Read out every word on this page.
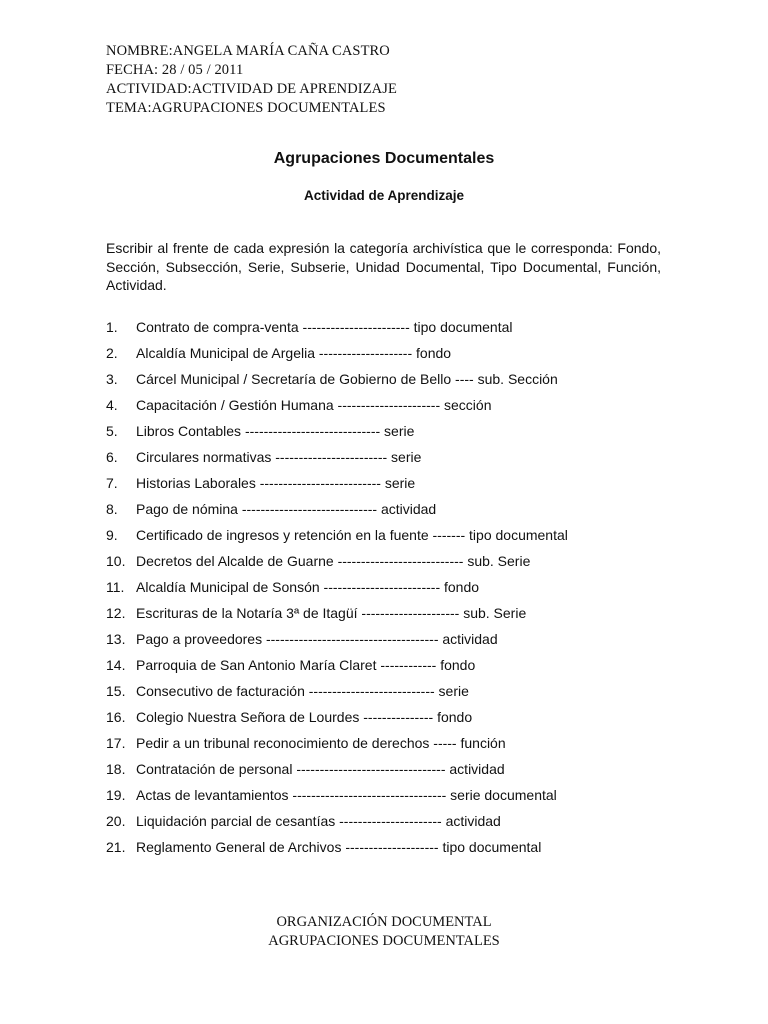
NOMBRE:ANGELA MARÍA CAÑA CASTRO
FECHA: 28 / 05 / 2011
ACTIVIDAD:ACTIVIDAD DE APRENDIZAJE
TEMA:AGRUPACIONES DOCUMENTALES
Agrupaciones Documentales
Actividad de Aprendizaje
Escribir al frente de cada expresión la categoría archivística que le corresponda: Fondo, Sección, Subsección, Serie, Subserie, Unidad Documental, Tipo Documental, Función, Actividad.
1.	Contrato de compra-venta ----------------------- tipo documental
2.	Alcaldía Municipal de Argelia -------------------- fondo
3.	Cárcel Municipal / Secretaría de Gobierno de Bello ---- sub. Sección
4.	Capacitación / Gestión Humana ---------------------- sección
5.	Libros Contables ----------------------------- serie
6.	Circulares normativas ------------------------ serie
7.	Historias Laborales -------------------------- serie
8.	Pago de nómina ----------------------------- actividad
9.	Certificado de ingresos y retención en la fuente ------- tipo documental
10. Decretos del Alcalde de Guarne --------------------------- sub. Serie
11. Alcaldía Municipal de Sonsón ------------------------- fondo
12. Escrituras de la Notaría 3ª de Itagüí --------------------- sub. Serie
13. Pago a proveedores ------------------------------------- actividad
14. Parroquia de San Antonio María Claret ------------ fondo
15. Consecutivo de facturación --------------------------- serie
16. Colegio Nuestra Señora de Lourdes --------------- fondo
17. Pedir a un tribunal reconocimiento de derechos ----- función
18. Contratación de personal -------------------------------- actividad
19. Actas de levantamientos --------------------------------- serie documental
20. Liquidación parcial de cesantías ---------------------- actividad
21. Reglamento General de Archivos -------------------- tipo documental
ORGANIZACIÓN DOCUMENTAL
AGRUPACIONES DOCUMENTALES
